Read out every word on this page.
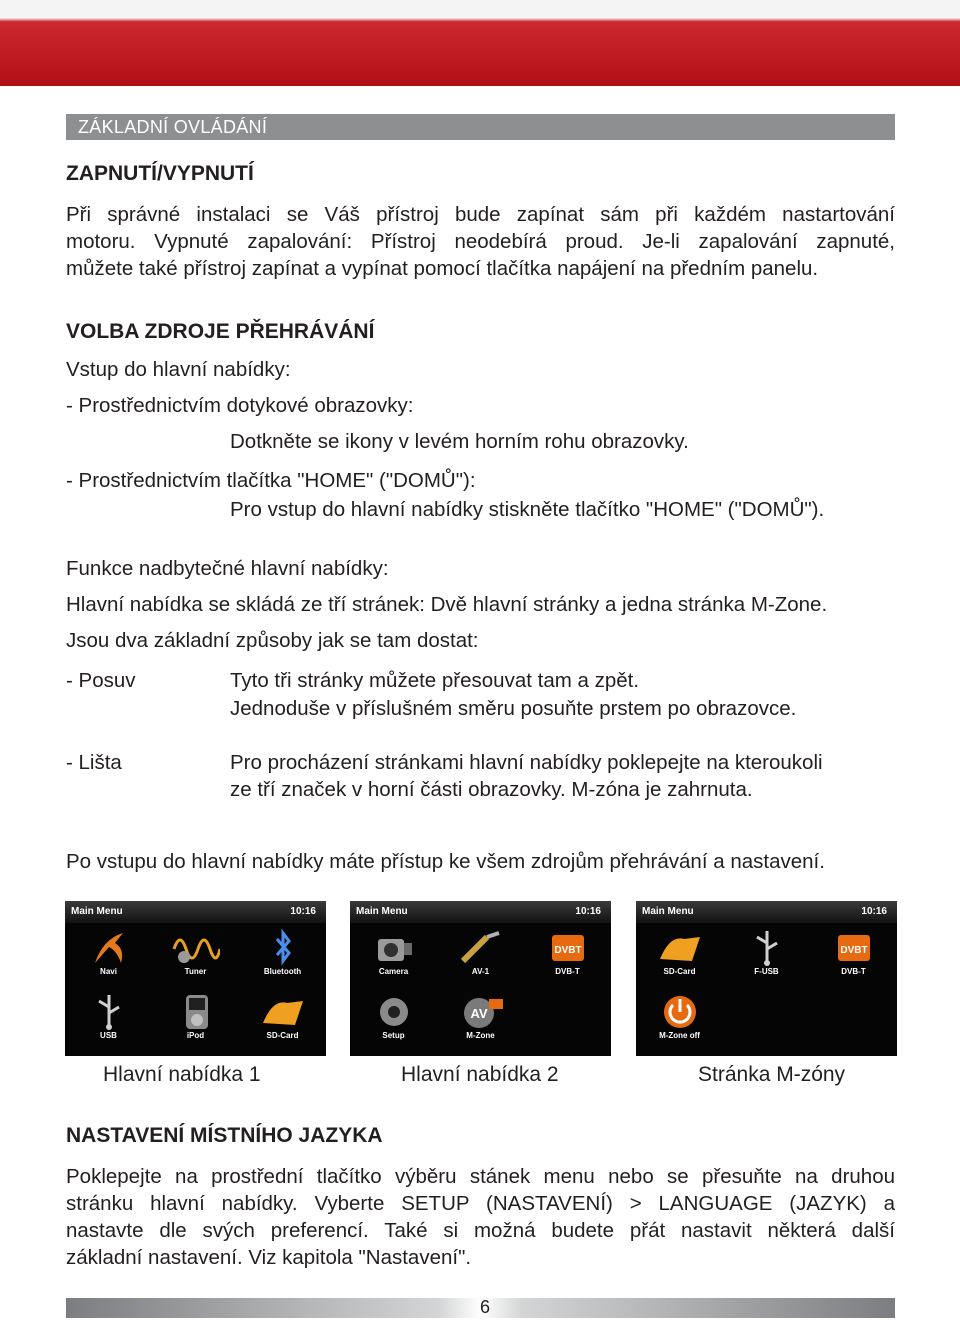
ZÁKLADNÍ OVLÁDÁNÍ
ZAPNUTÍ/VYPNUTÍ
Při správné instalaci se Váš přístroj bude zapínat sám při každém nastartování
motoru. Vypnuté zapalování: Přístroj neodebírá proud. Je-li zapalování zapnuté,
můžete také přístroj zapínat a vypínat pomocí tlačítka napájení na předním panelu.
VOLBA ZDROJE PŘEHRÁVÁNÍ
Vstup do hlavní nabídky:
- Prostřednictvím dotykové obrazovky:
Dotkněte se ikony v levém horním rohu obrazovky.
- Prostřednictvím tlačítka "HOME" ("DOMŮ"):
Pro vstup do hlavní nabídky stiskněte tlačítko "HOME" ("DOMŮ").
Funkce nadbytečné hlavní nabídky:
Hlavní nabídka se skládá ze tří stránek: Dvě hlavní stránky a jedna stránka M-Zone.
Jsou dva základní způsoby jak se tam dostat:
- Posuv	Tyto tři stránky můžete přesouvat tam a zpět.
Jednoduše v příslušném směru posuňte prstem po obrazovce.
- Lišta	Pro procházení stránkami hlavní nabídky poklepejte na kteroukoli
ze tří značek v horní části obrazovky. M-zóna je zahrnuta.
Po vstupu do hlavní nabídky máte přístup ke všem zdrojům přehrávání a nastavení.
Main Menu	10:16
Navi	Tuner	Bluetooth
USB	iPod	SD-Card
Main Menu	10:16
Camera	AV-1
DVBT
DVB-T
Setup
AV
M-Zone
Main Menu	10:16
SD-Card	F-USB
DVBT
DVB-T
M-Zone off
Hlavní nabídka 1	Hlavní nabídka 2	Stránka M-zóny
NASTAVENÍ MÍSTNÍHO JAZYKA
Poklepejte na prostřední tlačítko výběru stánek menu nebo se přesuňte na druhou
stránku hlavní nabídky. Vyberte SETUP (NASTAVENÍ) > LANGUAGE (JAZYK) a
nastavte dle svých preferencí. Také si možná budete přát nastavit některá další
základní nastavení. Viz kapitola "Nastavení".
6
